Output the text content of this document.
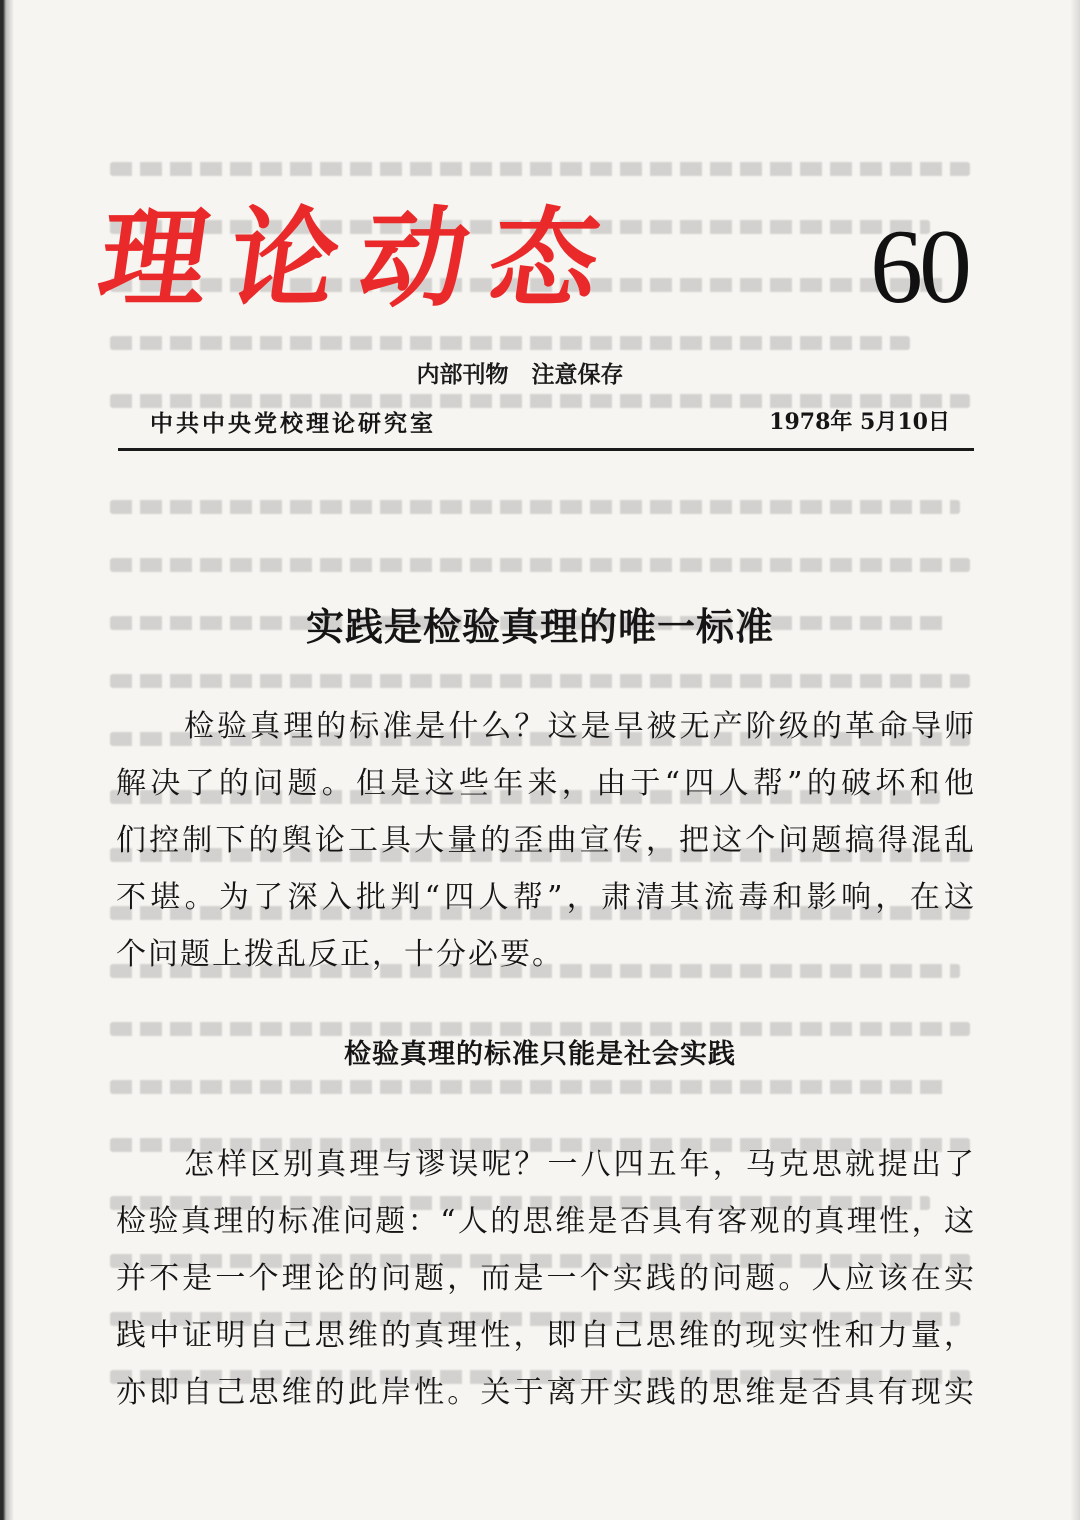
理论动态 60
内部刊物　注意保存
中共中央党校理论研究室	1978年 5月10日
实践是检验真理的唯一标准
检验真理的标准是什么？这是早被无产阶级的革命导师
解决了的问题。但是这些年来，由于“四人帮”的破坏和他
们控制下的舆论工具大量的歪曲宣传，把这个问题搞得混乱
不堪。为了深入批判“四人帮”，肃清其流毒和影响，在这
个问题上拨乱反正，十分必要。
检验真理的标准只能是社会实践
怎样区别真理与谬误呢？一八四五年，马克思就提出了
检验真理的标准问题：“人的思维是否具有客观的真理性，这
并不是一个理论的问题，而是一个实践的问题。人应该在实
践中证明自己思维的真理性，即自己思维的现实性和力量，
亦即自己思维的此岸性。关于离开实践的思维是否具有现实
